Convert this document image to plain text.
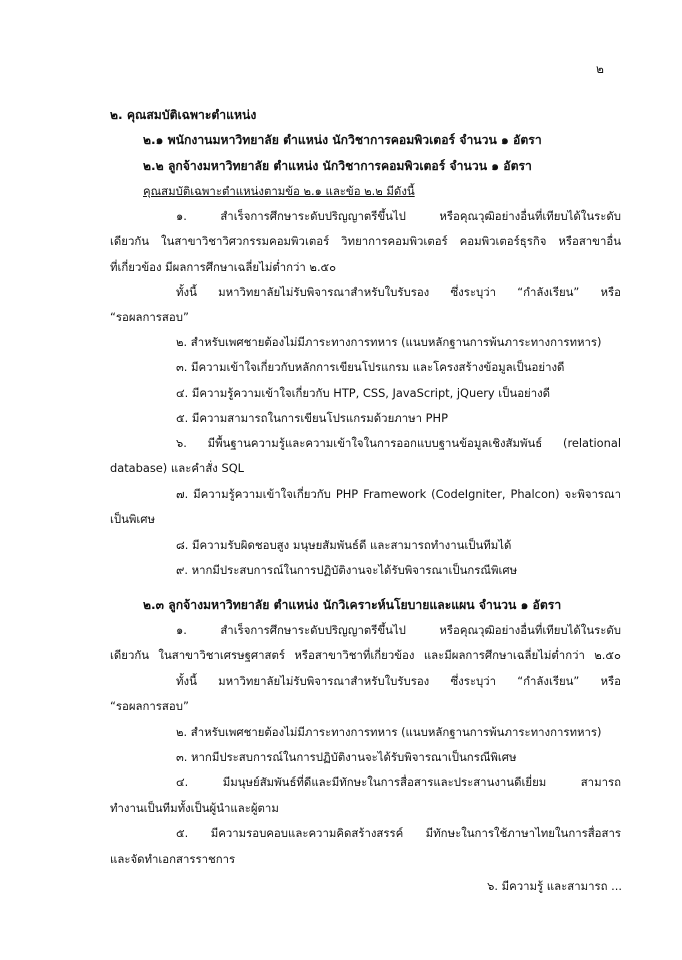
๒
๒. คุณสมบัติเฉพาะตำแหน่ง
๒.๑ พนักงานมหาวิทยาลัย ตำแหน่ง นักวิชาการคอมพิวเตอร์ จำนวน ๑ อัตรา
๒.๒ ลูกจ้างมหาวิทยาลัย ตำแหน่ง นักวิชาการคอมพิวเตอร์ จำนวน ๑ อัตรา
คุณสมบัติเฉพาะตำแหน่งตามข้อ ๒.๑ และข้อ ๒.๒ มีดังนี้
๑. สำเร็จการศึกษาระดับปริญญาตรีขึ้นไป หรือคุณวุฒิอย่างอื่นที่เทียบได้ในระดับ
เดียวกัน ในสาขาวิชาวิศวกรรมคอมพิวเตอร์ วิทยาการคอมพิวเตอร์ คอมพิวเตอร์ธุรกิจ หรือสาขาอื่น
ที่เกี่ยวข้อง มีผลการศึกษาเฉลี่ยไม่ต่ำกว่า ๒.๕๐
ทั้งนี้ มหาวิทยาลัยไม่รับพิจารณาสำหรับใบรับรอง ซึ่งระบุว่า “กำลังเรียน” หรือ
“รอผลการสอบ”
๒. สำหรับเพศชายต้องไม่มีภาระทางการทหาร (แนบหลักฐานการพ้นภาระทางการทหาร)
๓. มีความเข้าใจเกี่ยวกับหลักการเขียนโปรแกรม และโครงสร้างข้อมูลเป็นอย่างดี
๔. มีความรู้ความเข้าใจเกี่ยวกับ HTP, CSS, JavaScript, jQuery เป็นอย่างดี
๕. มีความสามารถในการเขียนโปรแกรมด้วยภาษา PHP
๖. มีพื้นฐานความรู้และความเข้าใจในการออกแบบฐานข้อมูลเชิงสัมพันธ์ (relational
database) และคำสั่ง SQL
๗. มีความรู้ความเข้าใจเกี่ยวกับ PHP Framework (CodeIgniter, Phalcon) จะพิจารณา
เป็นพิเศษ
๘. มีความรับผิดชอบสูง มนุษยสัมพันธ์ดี และสามารถทำงานเป็นทีมได้
๙. หากมีประสบการณ์ในการปฏิบัติงานจะได้รับพิจารณาเป็นกรณีพิเศษ
๒.๓ ลูกจ้างมหาวิทยาลัย ตำแหน่ง นักวิเคราะห์นโยบายและแผน จำนวน ๑ อัตรา
๑. สำเร็จการศึกษาระดับปริญญาตรีขึ้นไป หรือคุณวุฒิอย่างอื่นที่เทียบได้ในระดับ
เดียวกัน ในสาขาวิชาเศรษฐศาสตร์ หรือสาขาวิชาที่เกี่ยวข้อง และมีผลการศึกษาเฉลี่ยไม่ต่ำกว่า ๒.๕๐
ทั้งนี้ มหาวิทยาลัยไม่รับพิจารณาสำหรับใบรับรอง ซึ่งระบุว่า “กำลังเรียน” หรือ
“รอผลการสอบ”
๒. สำหรับเพศชายต้องไม่มีภาระทางการทหาร (แนบหลักฐานการพ้นภาระทางการทหาร)
๓. หากมีประสบการณ์ในการปฏิบัติงานจะได้รับพิจารณาเป็นกรณีพิเศษ
๔. มีมนุษย์สัมพันธ์ที่ดีและมีทักษะในการสื่อสารและประสานงานดีเยี่ยม สามารถ
ทำงานเป็นทีมทั้งเป็นผู้นำและผู้ตาม
๕. มีความรอบคอบและความคิดสร้างสรรค์ มีทักษะในการใช้ภาษาไทยในการสื่อสาร
และจัดทำเอกสารราชการ
๖. มีความรู้ และสามารถ ...
